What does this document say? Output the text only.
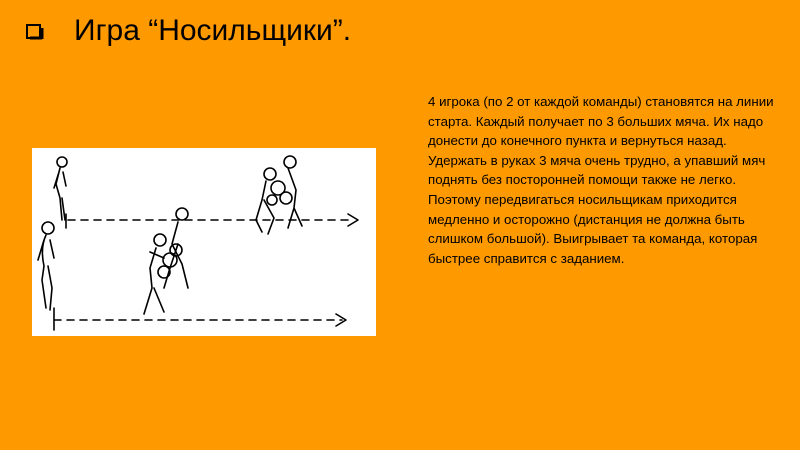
Игра “Носильщики”.
4 игрока (по 2 от каждой команды) становятся на линии старта. Каждый получает по 3 больших мяча. Их надо донести до конечного пункта и вернуться назад. Удержать в руках 3 мяча очень трудно, а упавший мяч поднять без посторонней помощи также не легко. Поэтому передвигаться носильщикам приходится медленно и осторожно (дистанция не должна быть слишком большой). Выигрывает та команда, которая быстрее справится с заданием.
